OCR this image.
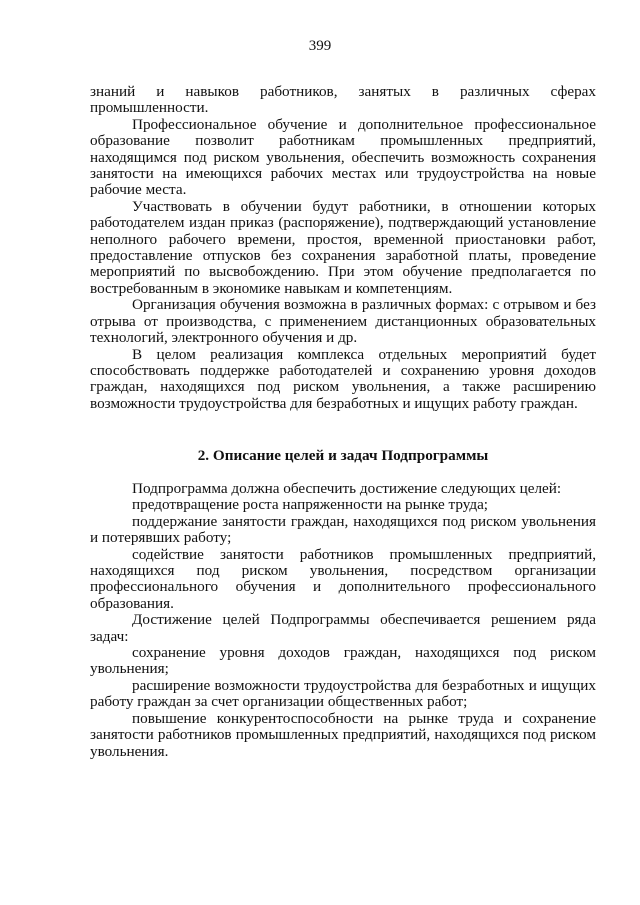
399

знаний и навыков работников, занятых в различных сферах промышленности.

Профессиональное обучение и дополнительное профессиональное образование позволит работникам промышленных предприятий, находящимся под риском увольнения, обеспечить возможность сохранения занятости на имеющихся рабочих местах или трудоустройства на новые рабочие места.

Участвовать в обучении будут работники, в отношении которых работодателем издан приказ (распоряжение), подтверждающий установление неполного рабочего времени, простоя, временной приостановки работ, предоставление отпусков без сохранения заработной платы, проведение мероприятий по высвобождению. При этом обучение предполагается по востребованным в экономике навыкам и компетенциям.

Организация обучения возможна в различных формах: с отрывом и без отрыва от производства, с применением дистанционных образовательных технологий, электронного обучения и др.

В целом реализация комплекса отдельных мероприятий будет способствовать поддержке работодателей и сохранению уровня доходов граждан, находящихся под риском увольнения, а также расширению возможности трудоустройства для безработных и ищущих работу граждан.

2. Описание целей и задач Подпрограммы

Подпрограмма должна обеспечить достижение следующих целей:

предотвращение роста напряженности на рынке труда;

поддержание занятости граждан, находящихся под риском увольнения и потерявших работу;

содействие занятости работников промышленных предприятий, находящихся под риском увольнения, посредством организации профессионального обучения и дополнительного профессионального образования.

Достижение целей Подпрограммы обеспечивается решением ряда задач:

сохранение уровня доходов граждан, находящихся под риском увольнения;

расширение возможности трудоустройства для безработных и ищущих работу граждан за счет организации общественных работ;

повышение конкурентоспособности на рынке труда и сохранение занятости работников промышленных предприятий, находящихся под риском увольнения.
